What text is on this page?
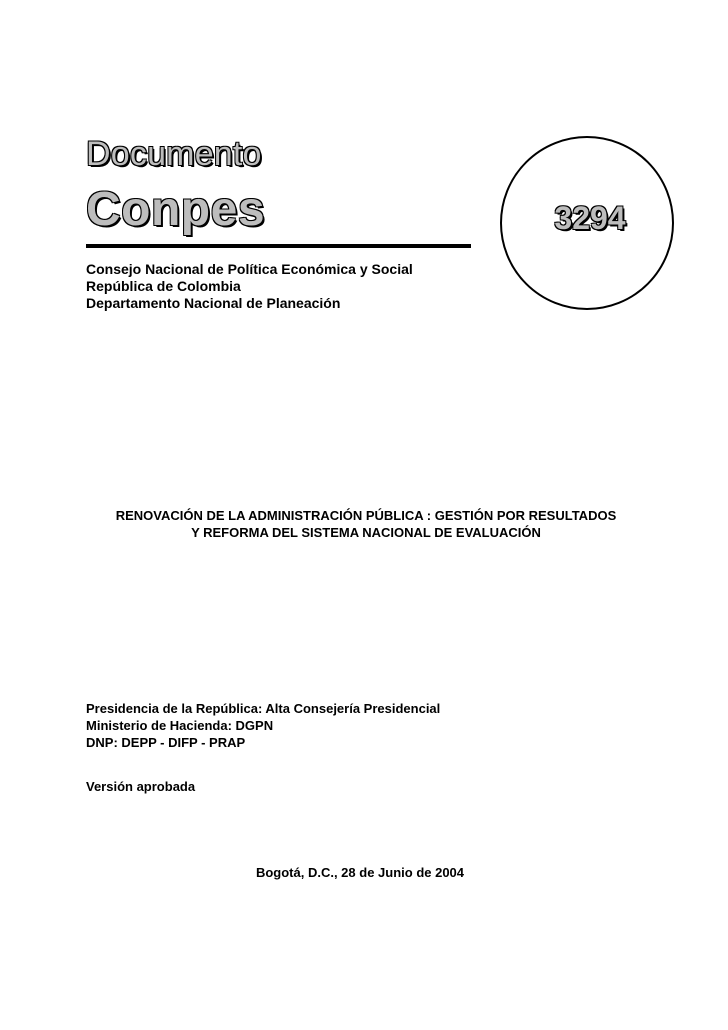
Documento
Conpes	3294
Consejo Nacional de Política Económica y Social
República de Colombia
Departamento Nacional de Planeación
RENOVACIÓN DE LA ADMINISTRACIÓN PÚBLICA : GESTIÓN POR RESULTADOS
Y REFORMA DEL SISTEMA NACIONAL DE EVALUACIÓN
Presidencia de la República: Alta Consejería Presidencial
Ministerio de Hacienda: DGPN
DNP: DEPP - DIFP - PRAP
Versión aprobada
Bogotá, D.C., 28 de Junio de 2004
